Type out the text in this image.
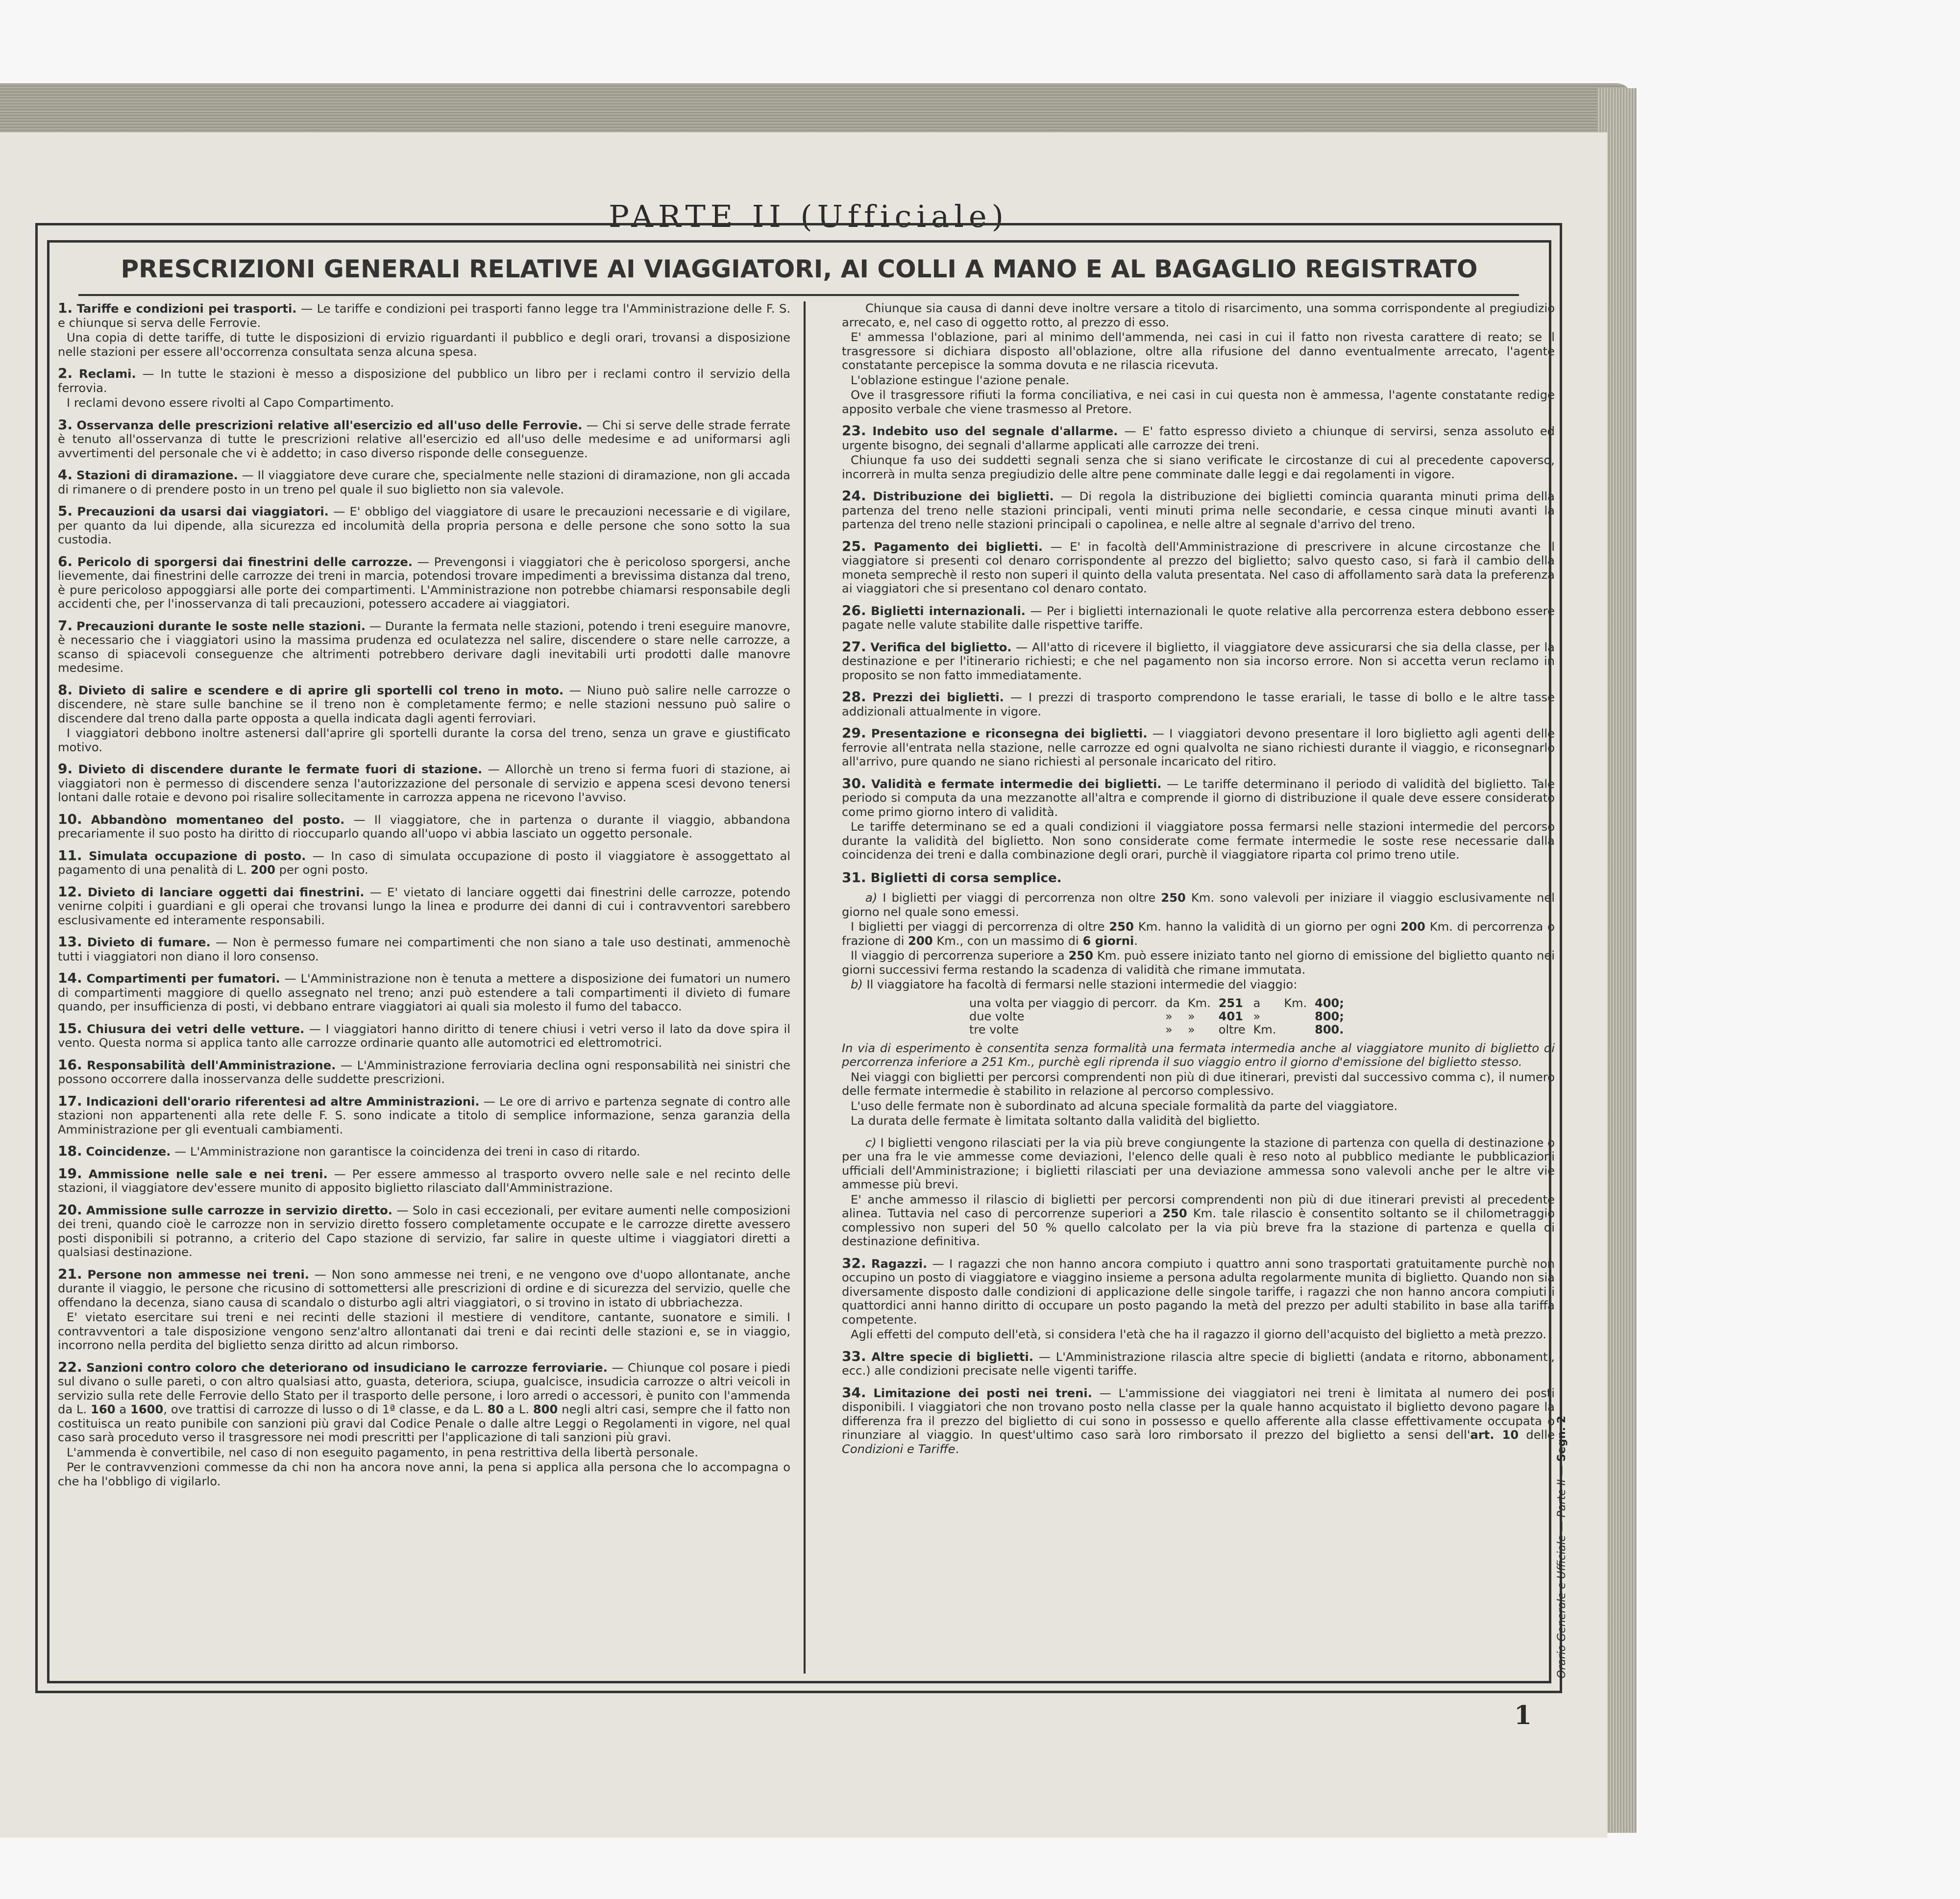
PARTE II (Ufficiale)
PRESCRIZIONI GENERALI RELATIVE AI VIAGGIATORI, AI COLLI A MANO E AL BAGAGLIO REGISTRATO

1. Tariffe e condizioni pei trasporti. — Le tariffe e condizioni pei trasporti fanno legge tra l'Amministrazione delle F. S. e chiunque si serva delle Ferrovie.

Una copia di dette tariffe, di tutte le disposizioni di ervizio riguardanti il pubblico e degli orari, trovansi a disposizione nelle stazioni per essere all'occorrenza consultata senza alcuna spesa.

2. Reclami. — In tutte le stazioni è messo a disposizione del pubblico un libro per i reclami contro il servizio della ferrovia.

I reclami devono essere rivolti al Capo Compartimento.

3. Osservanza delle prescrizioni relative all'esercizio ed all'uso delle Ferrovie. — Chi si serve delle strade ferrate è tenuto all'osservanza di tutte le prescrizioni relative all'esercizio ed all'uso delle medesime e ad uniformarsi agli avvertimenti del personale che vi è addetto; in caso diverso risponde delle conseguenze.

4. Stazioni di diramazione. — Il viaggiatore deve curare che, specialmente nelle stazioni di diramazione, non gli accada di rimanere o di prendere posto in un treno pel quale il suo biglietto non sia valevole.

5. Precauzioni da usarsi dai viaggiatori. — E' obbligo del viaggiatore di usare le precauzioni necessarie e di vigilare, per quanto da lui dipende, alla sicurezza ed incolumità della propria persona e delle persone che sono sotto la sua custodia.

6. Pericolo di sporgersi dai finestrini delle carrozze. — Prevengonsi i viaggiatori che è pericoloso sporgersi, anche lievemente, dai finestrini delle carrozze dei treni in marcia, potendosi trovare impedimenti a brevissima distanza dal treno, è pure pericoloso appoggiarsi alle porte dei compartimenti. L'Amministrazione non potrebbe chiamarsi responsabile degli accidenti che, per l'inosservanza di tali precauzioni, potessero accadere ai viaggiatori.

7. Precauzioni durante le soste nelle stazioni. — Durante la fermata nelle stazioni, potendo i treni eseguire manovre, è necessario che i viaggiatori usino la massima prudenza ed oculatezza nel salire, discendere o stare nelle carrozze, a scanso di spiacevoli conseguenze che altrimenti potrebbero derivare dagli inevitabili urti prodotti dalle manovre medesime.

8. Divieto di salire e scendere e di aprire gli sportelli col treno in moto. — Niuno può salire nelle carrozze o discendere, nè stare sulle banchine se il treno non è completamente fermo; e nelle stazioni nessuno può salire o discendere dal treno dalla parte opposta a quella indicata dagli agenti ferroviari.

I viaggiatori debbono inoltre astenersi dall'aprire gli sportelli durante la corsa del treno, senza un grave e giustificato motivo.

9. Divieto di discendere durante le fermate fuori di stazione. — Allorchè un treno si ferma fuori di stazione, ai viaggiatori non è permesso di discendere senza l'autorizzazione del personale di servizio e appena scesi devono tenersi lontani dalle rotaie e devono poi risalire sollecitamente in carrozza appena ne ricevono l'avviso.

10. Abbandòno momentaneo del posto. — Il viaggiatore, che in partenza o durante il viaggio, abbandona precariamente il suo posto ha diritto di rioccuparlo quando all'uopo vi abbia lasciato un oggetto personale.

11. Simulata occupazione di posto. — In caso di simulata occupazione di posto il viaggiatore è assoggettato al pagamento di una penalità di L. 200 per ogni posto.

12. Divieto di lanciare oggetti dai finestrini. — E' vietato di lanciare oggetti dai finestrini delle carrozze, potendo venirne colpiti i guardiani e gli operai che trovansi lungo la linea e produrre dei danni di cui i contravventori sarebbero esclusivamente ed interamente responsabili.

13. Divieto di fumare. — Non è permesso fumare nei compartimenti che non siano a tale uso destinati, ammenochè tutti i viaggiatori non diano il loro consenso.

14. Compartimenti per fumatori. — L'Amministrazione non è tenuta a mettere a disposizione dei fumatori un numero di compartimenti maggiore di quello assegnato nel treno; anzi può estendere a tali compartimenti il divieto di fumare quando, per insufficienza di posti, vi debbano entrare viaggiatori ai quali sia molesto il fumo del tabacco.

15. Chiusura dei vetri delle vetture. — I viaggiatori hanno diritto di tenere chiusi i vetri verso il lato da dove spira il vento. Questa norma si applica tanto alle carrozze ordinarie quanto alle automotrici ed elettromotrici.

16. Responsabilità dell'Amministrazione. — L'Amministrazione ferroviaria declina ogni responsabilità nei sinistri che possono occorrere dalla inosservanza delle suddette prescrizioni.

17. Indicazioni dell'orario riferentesi ad altre Amministrazioni. — Le ore di arrivo e partenza segnate di contro alle stazioni non appartenenti alla rete delle F. S. sono indicate a titolo di semplice informazione, senza garanzia della Amministrazione per gli eventuali cambiamenti.

18. Coincidenze. — L'Amministrazione non garantisce la coincidenza dei treni in caso di ritardo.

19. Ammissione nelle sale e nei treni. — Per essere ammesso al trasporto ovvero nelle sale e nel recinto delle stazioni, il viaggiatore dev'essere munito di apposito biglietto rilasciato dall'Amministrazione.

20. Ammissione sulle carrozze in servizio diretto. — Solo in casi eccezionali, per evitare aumenti nelle composizioni dei treni, quando cioè le carrozze non in servizio diretto fossero completamente occupate e le carrozze dirette avessero posti disponibili si potranno, a criterio del Capo stazione di servizio, far salire in queste ultime i viaggiatori diretti a qualsiasi destinazione.

21. Persone non ammesse nei treni. — Non sono ammesse nei treni, e ne vengono ove d'uopo allontanate, anche durante il viaggio, le persone che ricusino di sottomettersi alle prescrizioni di ordine e di sicurezza del servizio, quelle che offendano la decenza, siano causa di scandalo o disturbo agli altri viaggiatori, o si trovino in istato di ubbriachezza.

E' vietato esercitare sui treni e nei recinti delle stazioni il mestiere di venditore, cantante, suonatore e simili. I contravventori a tale disposizione vengono senz'altro allontanati dai treni e dai recinti delle stazioni e, se in viaggio, incorrono nella perdita del biglietto senza diritto ad alcun rimborso.

22. Sanzioni contro coloro che deteriorano od insudiciano le carrozze ferroviarie. — Chiunque col posare i piedi sul divano o sulle pareti, o con altro qualsiasi atto, guasta, deteriora, sciupa, gualcisce, insudicia carrozze o altri veicoli in servizio sulla rete delle Ferrovie dello Stato per il trasporto delle persone, i loro arredi o accessori, è punito con l'ammenda da L. 160 a 1600, ove trattisi di carrozze di lusso o di 1ª classe, e da L. 80 a L. 800 negli altri casi, sempre che il fatto non costituisca un reato punibile con sanzioni più gravi dal Codice Penale o dalle altre Leggi o Regolamenti in vigore, nel qual caso sarà proceduto verso il trasgressore nei modi prescritti per l'applicazione di tali sanzioni più gravi.

L'ammenda è convertibile, nel caso di non eseguito pagamento, in pena restrittiva della libertà personale.

Per le contravvenzioni commesse da chi non ha ancora nove anni, la pena si applica alla persona che lo accompagna o che ha l'obbligo di vigilarlo.

Chiunque sia causa di danni deve inoltre versare a titolo di risarcimento, una somma corrispondente al pregiudizio arrecato, e, nel caso di oggetto rotto, al prezzo di esso.

E' ammessa l'oblazione, pari al minimo dell'ammenda, nei casi in cui il fatto non rivesta carattere di reato; se il trasgressore si dichiara disposto all'oblazione, oltre alla rifusione del danno eventualmente arrecato, l'agente constatante percepisce la somma dovuta e ne rilascia ricevuta.

L'oblazione estingue l'azione penale.

Ove il trasgressore rifiuti la forma conciliativa, e nei casi in cui questa non è ammessa, l'agente constatante redige apposito verbale che viene trasmesso al Pretore.

23. Indebito uso del segnale d'allarme. — E' fatto espresso divieto a chiunque di servirsi, senza assoluto ed urgente bisogno, dei segnali d'allarme applicati alle carrozze dei treni.

Chiunque fa uso dei suddetti segnali senza che si siano verificate le circostanze di cui al precedente capoverso, incorrerà in multa senza pregiudizio delle altre pene comminate dalle leggi e dai regolamenti in vigore.

24. Distribuzione dei biglietti. — Di regola la distribuzione dei biglietti comincia quaranta minuti prima della partenza del treno nelle stazioni principali, venti minuti prima nelle secondarie, e cessa cinque minuti avanti la partenza del treno nelle stazioni principali o capolinea, e nelle altre al segnale d'arrivo del treno.

25. Pagamento dei biglietti. — E' in facoltà dell'Amministrazione di prescrivere in alcune circostanze che il viaggiatore si presenti col denaro corrispondente al prezzo del biglietto; salvo questo caso, si farà il cambio della moneta semprechè il resto non superi il quinto della valuta presentata. Nel caso di affollamento sarà data la preferenza ai viaggiatori che si presentano col denaro contato.

26. Biglietti internazionali. — Per i biglietti internazionali le quote relative alla percorrenza estera debbono essere pagate nelle valute stabilite dalle rispettive tariffe.

27. Verifica del biglietto. — All'atto di ricevere il biglietto, il viaggiatore deve assicurarsi che sia della classe, per la destinazione e per l'itinerario richiesti; e che nel pagamento non sia incorso errore. Non si accetta verun reclamo in proposito se non fatto immediatamente.

28. Prezzi dei biglietti. — I prezzi di trasporto comprendono le tasse erariali, le tasse di bollo e le altre tasse addizionali attualmente in vigore.

29. Presentazione e riconsegna dei biglietti. — I viaggiatori devono presentare il loro biglietto agli agenti delle ferrovie all'entrata nella stazione, nelle carrozze ed ogni qualvolta ne siano richiesti durante il viaggio, e riconsegnarlo all'arrivo, pure quando ne siano richiesti al personale incaricato del ritiro.

30. Validità e fermate intermedie dei biglietti. — Le tariffe determinano il periodo di validità del biglietto. Tale periodo si computa da una mezzanotte all'altra e comprende il giorno di distribuzione il quale deve essere considerato come primo giorno intero di validità.

Le tariffe determinano se ed a quali condizioni il viaggiatore possa fermarsi nelle stazioni intermedie del percorso durante la validità del biglietto. Non sono considerate come fermate intermedie le soste rese necessarie dalla coincidenza dei treni e dalla combinazione degli orari, purchè il viaggiatore riparta col primo treno utile.

31. Biglietti di corsa semplice.

a) I biglietti per viaggi di percorrenza non oltre 250 Km. sono valevoli per iniziare il viaggio esclusivamente nel giorno nel quale sono emessi.

I biglietti per viaggi di percorrenza di oltre 250 Km. hanno la validità di un giorno per ogni 200 Km. di percorrenza o frazione di 200 Km., con un massimo di 6 giorni.

Il viaggio di percorrenza superiore a 250 Km. può essere iniziato tanto nel giorno di emissione del biglietto quanto nei giorni successivi ferma restando la scadenza di validità che rimane immutata.

b) Il viaggiatore ha facoltà di fermarsi nelle stazioni intermedie del viaggio:

una volta per viaggio di percorr.	da	Km.	251	a	Km.	400;
due volte	»	»	401	»		800;
tre volte	»	»	oltre	Km.		800.

In via di esperimento è consentita senza formalità una fermata intermedia anche al viaggiatore munito di biglietto di percorrenza inferiore a 251 Km., purchè egli riprenda il suo viaggio entro il giorno d'emissione del biglietto stesso.

Nei viaggi con biglietti per percorsi comprendenti non più di due itinerari, previsti dal successivo comma c), il numero delle fermate intermedie è stabilito in relazione al percorso complessivo.

L'uso delle fermate non è subordinato ad alcuna speciale formalità da parte del viaggiatore.

La durata delle fermate è limitata soltanto dalla validità del biglietto.

c) I biglietti vengono rilasciati per la via più breve congiungente la stazione di partenza con quella di destinazione o per una fra le vie ammesse come deviazioni, l'elenco delle quali è reso noto al pubblico mediante le pubblicazioni ufficiali dell'Amministrazione; i biglietti rilasciati per una deviazione ammessa sono valevoli anche per le altre vie ammesse più brevi.

E' anche ammesso il rilascio di biglietti per percorsi comprendenti non più di due itinerari previsti al precedente alinea. Tuttavia nel caso di percorrenze superiori a 250 Km. tale rilascio è consentito soltanto se il chilometraggio complessivo non superi del 50 % quello calcolato per la via più breve fra la stazione di partenza e quella di destinazione definitiva.

32. Ragazzi. — I ragazzi che non hanno ancora compiuto i quattro anni sono trasportati gratuitamente purchè non occupino un posto di viaggiatore e viaggino insieme a persona adulta regolarmente munita di biglietto. Quando non sia diversamente disposto dalle condizioni di applicazione delle singole tariffe, i ragazzi che non hanno ancora compiuti i quattordici anni hanno diritto di occupare un posto pagando la metà del prezzo per adulti stabilito in base alla tariffa competente.

Agli effetti del computo dell'età, si considera l'età che ha il ragazzo il giorno dell'acquisto del biglietto a metà prezzo.

33. Altre specie di biglietti. — L'Amministrazione rilascia altre specie di biglietti (andata e ritorno, abbonamenti, ecc.) alle condizioni precisate nelle vigenti tariffe.

34. Limitazione dei posti nei treni. — L'ammissione dei viaggiatori nei treni è limitata al numero dei posti disponibili. I viaggiatori che non trovano posto nella classe per la quale hanno acquistato il biglietto devono pagare la differenza fra il prezzo del biglietto di cui sono in possesso e quello afferente alla classe effettivamente occupata o rinunziare al viaggio. In quest'ultimo caso sarà loro rimborsato il prezzo del biglietto a sensi dell'art. 10 delle Condizioni e Tariffe.

Orario Generale e Ufficiale — Parte II — Segn. 2
1
